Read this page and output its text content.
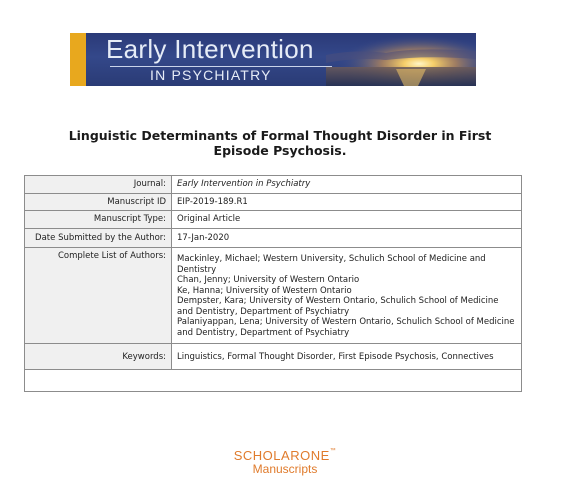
Early Intervention
IN PSYCHIATRY
Linguistic Determinants of Formal Thought Disorder in First Episode Psychosis.
Journal:	Early Intervention in Psychiatry
Manuscript ID	EIP-2019-189.R1
Manuscript Type:	Original Article
Date Submitted by the Author:	17-Jan-2020
Complete List of Authors:	Mackinley, Michael; Western University, Schulich School of Medicine and Dentistry
Chan, Jenny; University of Western Ontario
Ke, Hanna; University of Western Ontario
Dempster, Kara; University of Western Ontario, Schulich School of Medicine and Dentistry, Department of Psychiatry
Palaniyappan, Lena; University of Western Ontario, Schulich School of Medicine and Dentistry, Department of Psychiatry

Keywords:	Linguistics, Formal Thought Disorder, First Episode Psychosis, Connectives

SCHOLARONE™
Manuscripts
